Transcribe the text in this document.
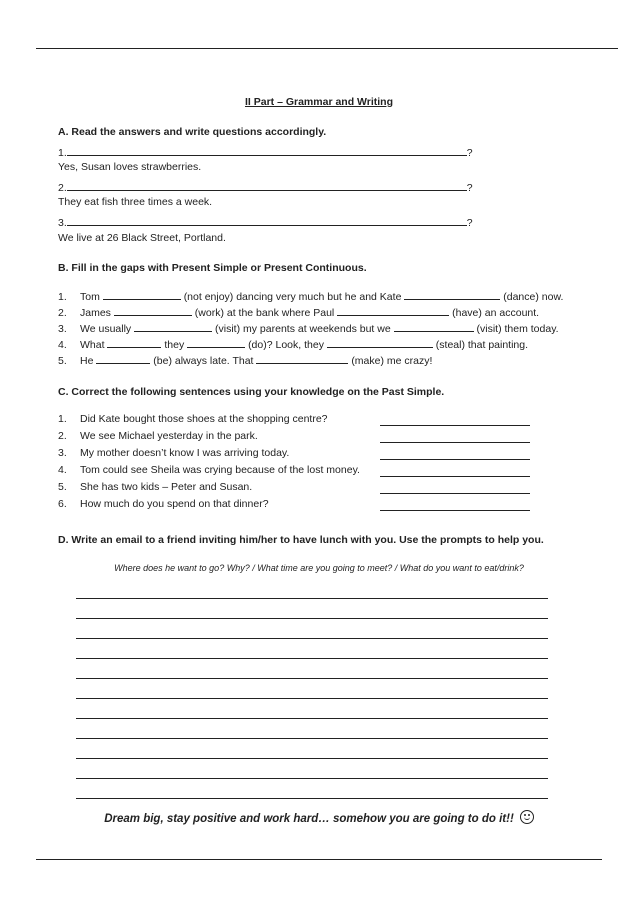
II Part – Grammar and Writing
A. Read the answers and write questions accordingly.
1.	?
Yes, Susan loves strawberries.
2.	?
They eat fish three times a week.
3.	?
We live at 26 Black Street, Portland.
B. Fill in the gaps with Present Simple or Present Continuous.
1. Tom	(not enjoy) dancing very much but he and Kate	(dance) now.
2. James	(work) at the bank where Paul	(have) an account.
3. We usually	(visit) my parents at weekends but we	(visit) them today.
4. What	they	(do)? Look, they	(steal) that painting.
5. He	(be) always late. That	(make) me crazy!
C. Correct the following sentences using your knowledge on the Past Simple.
1. Did Kate bought those shoes at the shopping centre?
2. We see Michael yesterday in the park.
3. My mother doesn’t know I was arriving today.
4. Tom could see Sheila was crying because of the lost money.
5. She has two kids – Peter and Susan.
6. How much do you spend on that dinner?
D. Write an email to a friend inviting him/her to have lunch with you. Use the prompts to help you.
Where does he want to go? Why? / What time are you going to meet? / What do you want to eat/drink?
Dream big, stay positive and work hard… somehow you are going to do it!!
